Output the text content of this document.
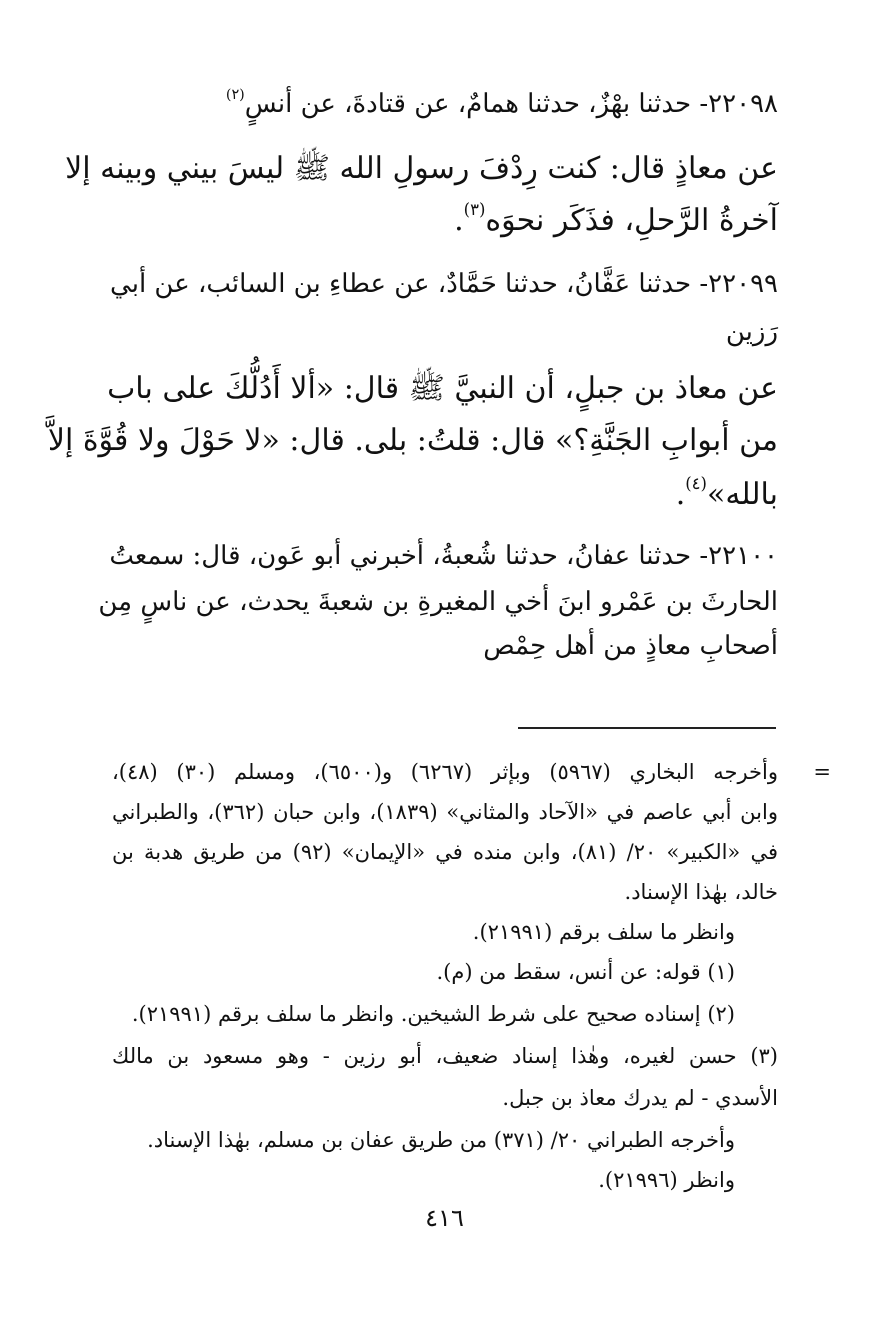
٢٢٠٩٨- حدثنا بهْزٌ، حدثنا همامٌ، عن قتادةَ، عن أنسٍ$^{(٢)}$

عن معاذٍ قال: كنت رِدْفَ رسولِ الله ﷺ ليسَ بيني وبينه إلا

آخرةُ الرَّحلِ، فذَكَر نحوَه$^{(٣)}$.

٢٢٠٩٩- حدثنا عَفَّانُ، حدثنا حَمَّادٌ، عن عطاءِ بن السائب، عن أبي

رَزين

عن معاذ بن جبلٍ، أن النبيَّ ﷺ قال: «ألا أَدُلُّكَ على باب

من أبوابِ الجَنَّةِ؟» قال: قلتُ: بلى. قال: «لا حَوْلَ ولا قُوَّةَ إلاَّ

بالله»$^{(٤)}$.

٢٢١٠٠- حدثنا عفانُ، حدثنا شُعبةُ، أخبرني أبو عَون، قال: سمعتُ

الحارثَ بن عَمْرو ابنَ أخي المغيرةِ بن شعبةَ يحدث، عن ناسٍ مِن

أصحابِ معاذٍ من أهل حِمْص

=

وأخرجه البخاري (٥٩٦٧) وبإثر (٦٢٦٧) و(٦٥٠٠)، ومسلم (٣٠) (٤٨)،

وابن أبي عاصم في «الآحاد والمثاني» (١٨٣٩)، وابن حبان (٣٦٢)، والطبراني

في «الكبير» ٢٠/ (٨١)، وابن منده في «الإيمان» (٩٢) من طريق هدبة بن

خالد، بهٰذا الإسناد.

وانظر ما سلف برقم (٢١٩٩١).

(١) قوله: عن أنس، سقط من (م).

(٢) إسناده صحيح على شرط الشيخين. وانظر ما سلف برقم (٢١٩٩١).

(٣) حسن لغيره، وهٰذا إسناد ضعيف، أبو رزين - وهو مسعود بن مالك

الأسدي - لم يدرك معاذ بن جبل.

وأخرجه الطبراني ٢٠/ (٣٧١) من طريق عفان بن مسلم، بهٰذا الإسناد.

وانظر (٢١٩٩٦).

٤١٦
